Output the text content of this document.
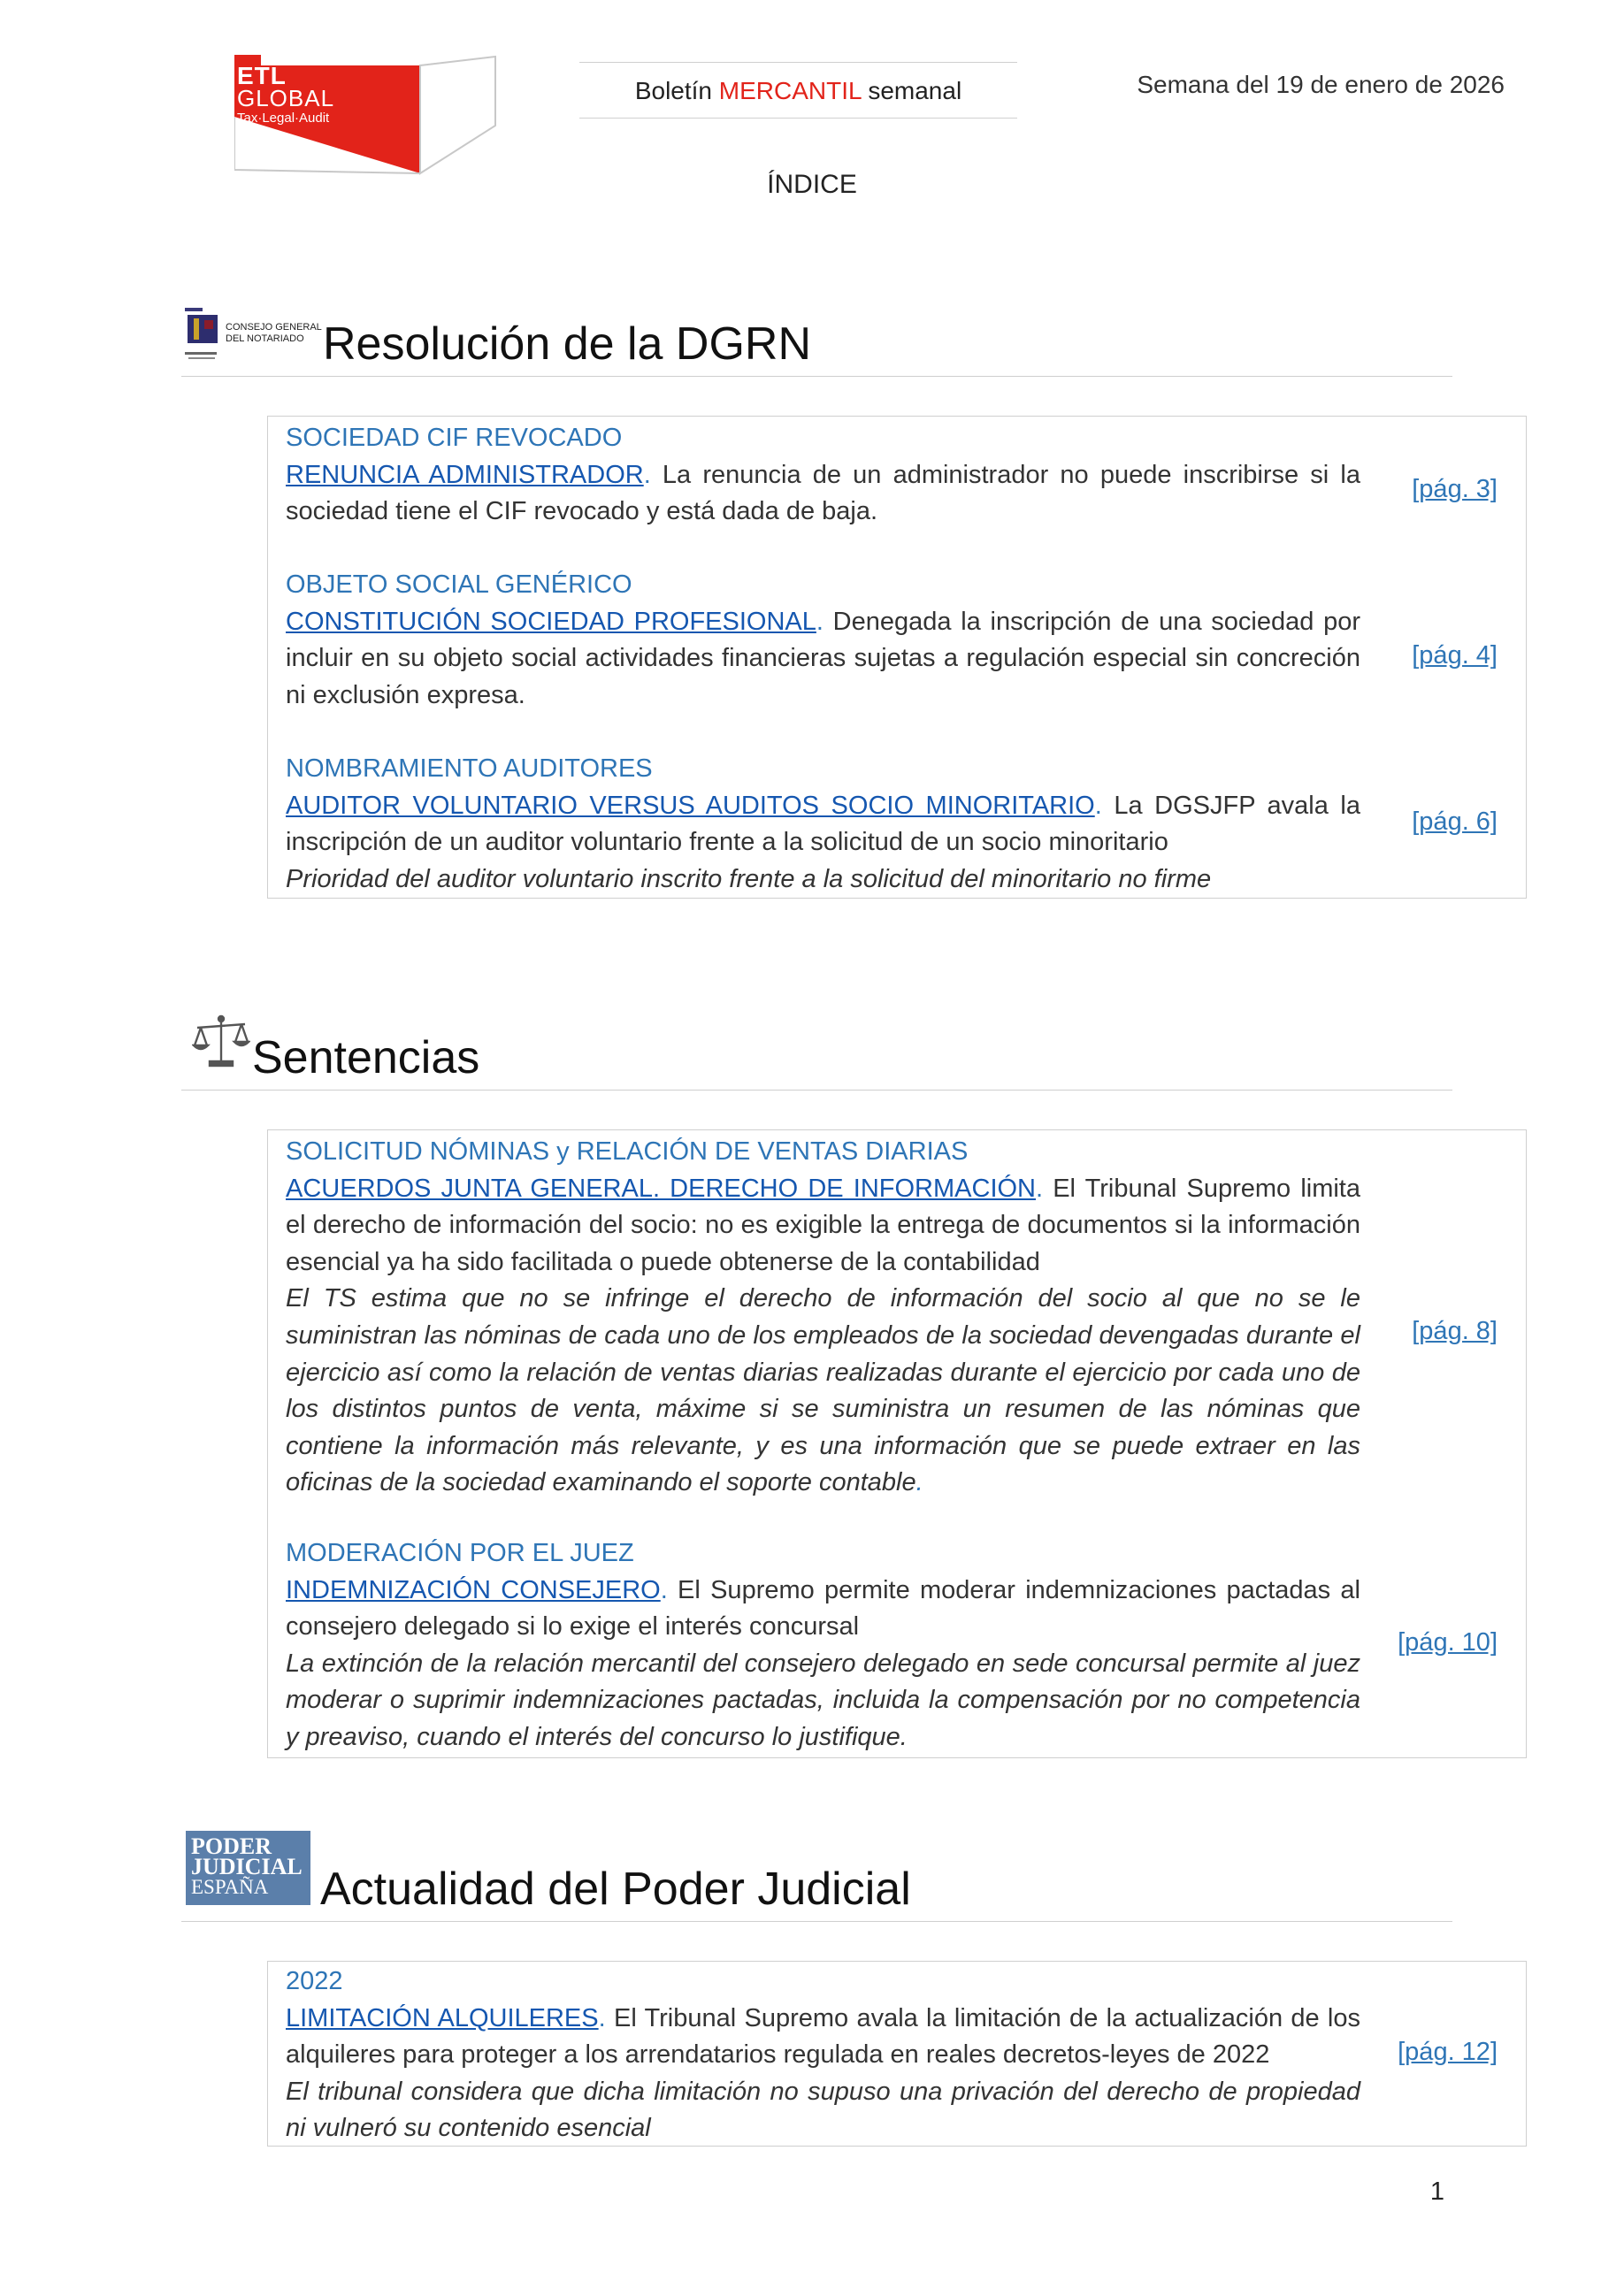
ETL
GLOBAL
Tax·Legal·Audit
Boletín MERCANTIL semanal	Semana del 19 de enero de 2026
ÍNDICE
CONSEJO GENERAL
DEL NOTARIADO Resolución de la DGRN
SOCIEDAD CIF REVOCADO
RENUNCIA ADMINISTRADOR. La renuncia de un administrador no puede inscribirse si la sociedad tiene el CIF revocado y está dada de baja.
[pág. 3]
OBJETO SOCIAL GENÉRICO
CONSTITUCIÓN SOCIEDAD PROFESIONAL. Denegada la inscripción de una sociedad por incluir en su objeto social actividades financieras sujetas a regulación especial sin concreción ni exclusión expresa.
[pág. 4]
NOMBRAMIENTO AUDITORES
AUDITOR VOLUNTARIO VERSUS AUDITOS SOCIO MINORITARIO. La DGSJFP avala la inscripción de un auditor voluntario frente a la solicitud de un socio minoritario
Prioridad del auditor voluntario inscrito frente a la solicitud del minoritario no firme
[pág. 6]
Sentencias
SOLICITUD NÓMINAS y RELACIÓN DE VENTAS DIARIAS
ACUERDOS JUNTA GENERAL. DERECHO DE INFORMACIÓN. El Tribunal Supremo limita el derecho de información del socio: no es exigible la entrega de documentos si la información esencial ya ha sido facilitada o puede obtenerse de la contabilidad
El TS estima que no se infringe el derecho de información del socio al que no se le suministran las nóminas de cada uno de los empleados de la sociedad devengadas durante el ejercicio así como la relación de ventas diarias realizadas durante el ejercicio por cada uno de los distintos puntos de venta, máxime si se suministra un resumen de las nóminas que contiene la información más relevante, y es una información que se puede extraer en las oficinas de la sociedad examinando el soporte contable.
[pág. 8]
MODERACIÓN POR EL JUEZ
INDEMNIZACIÓN CONSEJERO. El Supremo permite moderar indemnizaciones pactadas al consejero delegado si lo exige el interés concursal
La extinción de la relación mercantil del consejero delegado en sede concursal permite al juez moderar o suprimir indemnizaciones pactadas, incluida la compensación por no competencia y preaviso, cuando el interés del concurso lo justifique.
[pág. 10]
PODER
JUDICIAL
ESPAÑA	Actualidad del Poder Judicial
2022
LIMITACIÓN ALQUILERES. El Tribunal Supremo avala la limitación de la actualización de los alquileres para proteger a los arrendatarios regulada en reales decretos-leyes de 2022
El tribunal considera que dicha limitación no supuso una privación del derecho de propiedad ni vulneró su contenido esencial
[pág. 12]
1
